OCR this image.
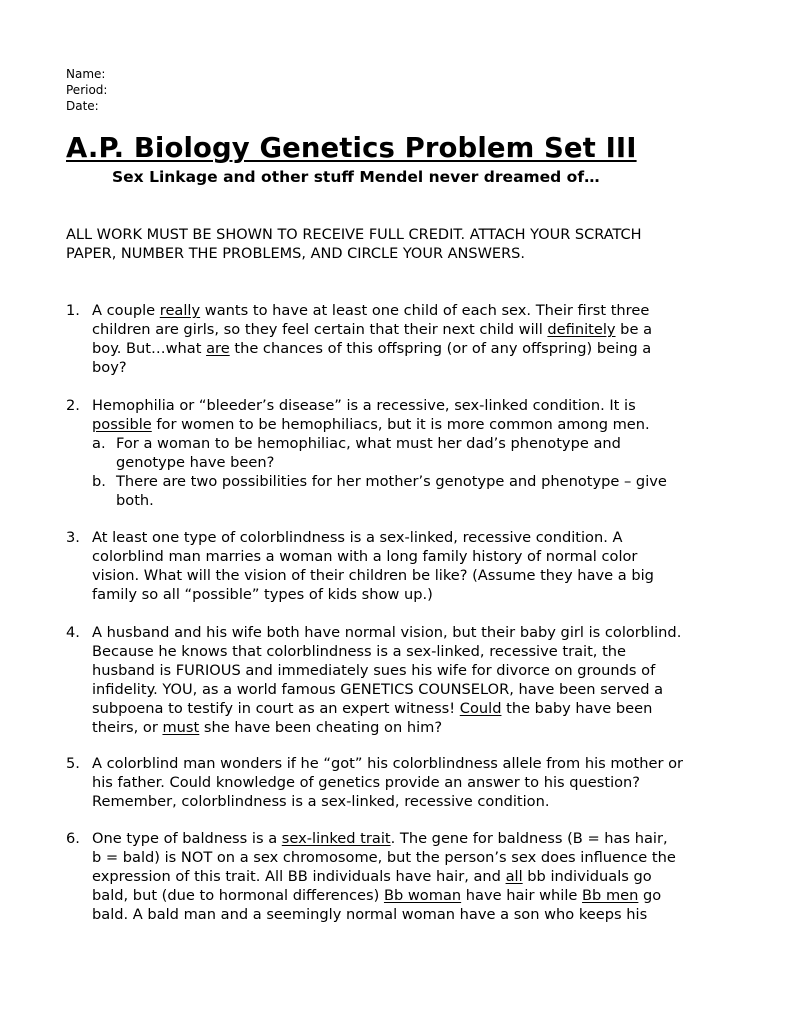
Name:
Period:
Date:
A.P. Biology Genetics Problem Set III
Sex Linkage and other stuff Mendel never dreamed of…

ALL WORK MUST BE SHOWN TO RECEIVE FULL CREDIT. ATTACH YOUR SCRATCH
PAPER, NUMBER THE PROBLEMS, AND CIRCLE YOUR ANSWERS.

1. A couple really wants to have at least one child of each sex. Their first three
children are girls, so they feel certain that their next child will definitely be a
boy. But…what are the chances of this offspring (or of any offspring) being a
boy?
2. Hemophilia or “bleeder’s disease” is a recessive, sex-linked condition. It is
possible for women to be hemophiliacs, but it is more common among men.
a. For a woman to be hemophiliac, what must her dad’s phenotype and
genotype have been?
b. There are two possibilities for her mother’s genotype and phenotype – give
both.
3. At least one type of colorblindness is a sex-linked, recessive condition. A
colorblind man marries a woman with a long family history of normal color
vision. What will the vision of their children be like? (Assume they have a big
family so all “possible” types of kids show up.)
4. A husband and his wife both have normal vision, but their baby girl is colorblind.
Because he knows that colorblindness is a sex-linked, recessive trait, the
husband is FURIOUS and immediately sues his wife for divorce on grounds of
infidelity. YOU, as a world famous GENETICS COUNSELOR, have been served a
subpoena to testify in court as an expert witness! Could the baby have been
theirs, or must she have been cheating on him?
5. A colorblind man wonders if he “got” his colorblindness allele from his mother or
his father. Could knowledge of genetics provide an answer to his question?
Remember, colorblindness is a sex-linked, recessive condition.
6. One type of baldness is a sex-linked trait. The gene for baldness (B = has hair,
b = bald) is NOT on a sex chromosome, but the person’s sex does influence the
expression of this trait. All BB individuals have hair, and all bb individuals go
bald, but (due to hormonal differences) Bb woman have hair while Bb men go
bald. A bald man and a seemingly normal woman have a son who keeps his
